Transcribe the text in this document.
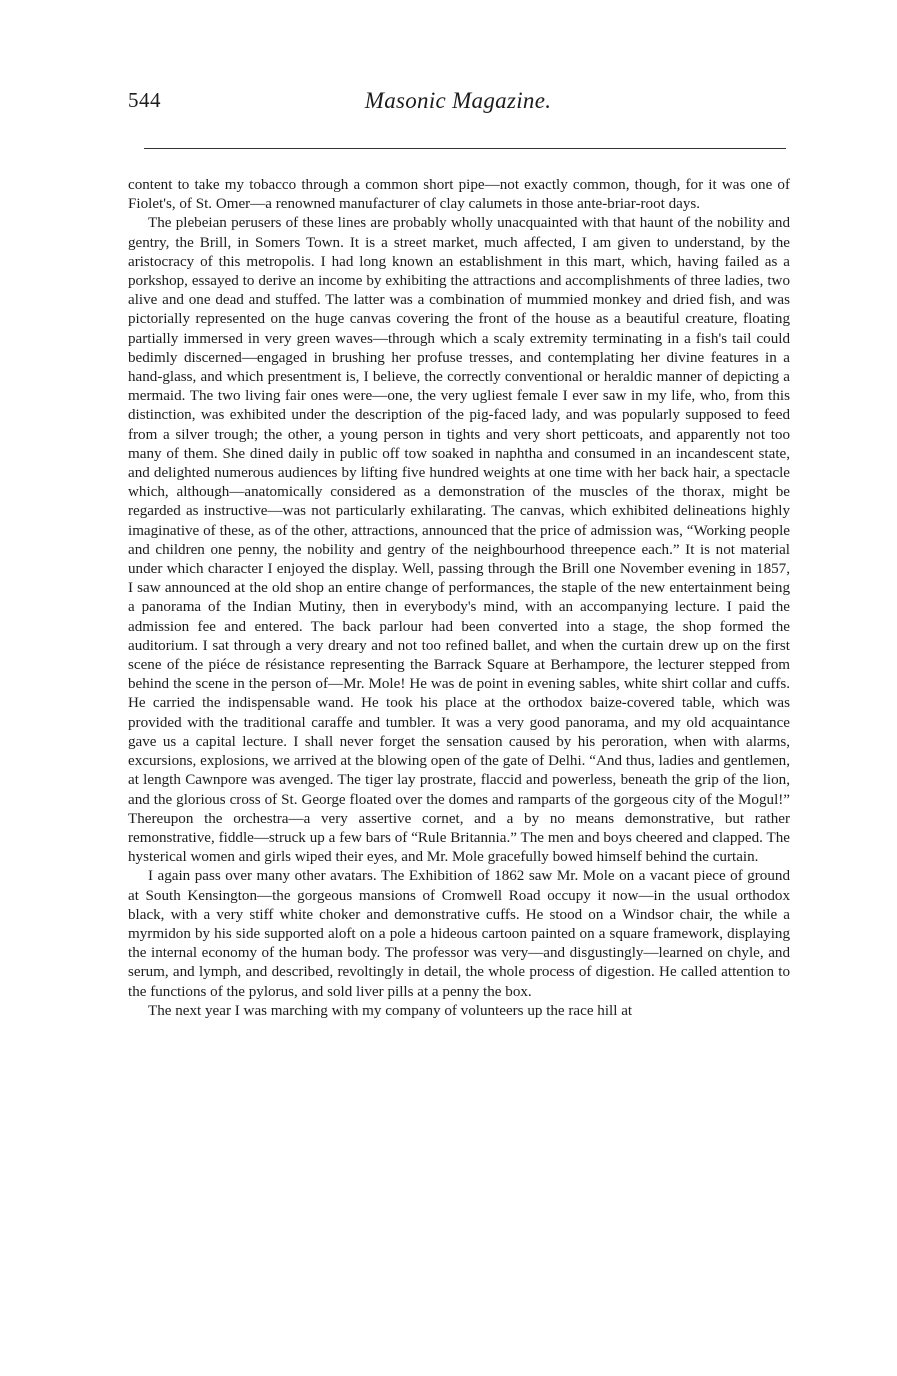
544	Masonic Magazine.

content to take my tobacco through a common short pipe—not exactly common, though, for it was one of Fiolet's, of St. Omer—a renowned manufacturer of clay calumets in those ante-briar-root days.

The plebeian perusers of these lines are probably wholly unacquainted with that haunt of the nobility and gentry, the Brill, in Somers Town. It is a street market, much affected, I am given to understand, by the aristocracy of this metropolis. I had long known an establishment in this mart, which, having failed as a porkshop, essayed to derive an income by exhibiting the attractions and accomplishments of three ladies, two alive and one dead and stuffed. The latter was a combination of mummied monkey and dried fish, and was pictorially represented on the huge canvas covering the front of the house as a beautiful creature, floating partially immersed in very green waves—through which a scaly extremity terminating in a fish's tail could bedimly discerned—engaged in brushing her profuse tresses, and contemplating her divine features in a hand-glass, and which presentment is, I believe, the correctly conventional or heraldic manner of depicting a mermaid. The two living fair ones were—one, the very ugliest female I ever saw in my life, who, from this distinction, was exhibited under the description of the pig-faced lady, and was popularly supposed to feed from a silver trough; the other, a young person in tights and very short petticoats, and apparently not too many of them. She dined daily in public off tow soaked in naphtha and consumed in an incandescent state, and delighted numerous audiences by lifting five hundred weights at one time with her back hair, a spectacle which, although—anatomically considered as a demonstration of the muscles of the thorax, might be regarded as instructive—was not particularly exhilarating. The canvas, which exhibited delineations highly imaginative of these, as of the other, attractions, announced that the price of admission was, “Working people and children one penny, the nobility and gentry of the neighbourhood threepence each.” It is not material under which character I enjoyed the display. Well, passing through the Brill one November evening in 1857, I saw announced at the old shop an entire change of performances, the staple of the new entertainment being a panorama of the Indian Mutiny, then in everybody's mind, with an accompanying lecture. I paid the admission fee and entered. The back parlour had been converted into a stage, the shop formed the auditorium. I sat through a very dreary and not too refined ballet, and when the curtain drew up on the first scene of the piéce de résistance representing the Barrack Square at Berhampore, the lecturer stepped from behind the scene in the person of—Mr. Mole! He was de point in evening sables, white shirt collar and cuffs. He carried the indispensable wand. He took his place at the orthodox baize-covered table, which was provided with the traditional caraffe and tumbler. It was a very good panorama, and my old acquaintance gave us a capital lecture. I shall never forget the sensation caused by his peroration, when with alarms, excursions, explosions, we arrived at the blowing open of the gate of Delhi. “And thus, ladies and gentlemen, at length Cawnpore was avenged. The tiger lay prostrate, flaccid and powerless, beneath the grip of the lion, and the glorious cross of St. George floated over the domes and ramparts of the gorgeous city of the Mogul!” Thereupon the orchestra—a very assertive cornet, and a by no means demonstrative, but rather remonstrative, fiddle—struck up a few bars of “Rule Britannia.” The men and boys cheered and clapped. The hysterical women and girls wiped their eyes, and Mr. Mole gracefully bowed himself behind the curtain.

I again pass over many other avatars. The Exhibition of 1862 saw Mr. Mole on a vacant piece of ground at South Kensington—the gorgeous mansions of Cromwell Road occupy it now—in the usual orthodox black, with a very stiff white choker and demonstrative cuffs. He stood on a Windsor chair, the while a myrmidon by his side supported aloft on a pole a hideous cartoon painted on a square framework, displaying the internal economy of the human body. The professor was very—and disgustingly—learned on chyle, and serum, and lymph, and described, revoltingly in detail, the whole process of digestion. He called attention to the functions of the pylorus, and sold liver pills at a penny the box.

The next year I was marching with my company of volunteers up the race hill at
